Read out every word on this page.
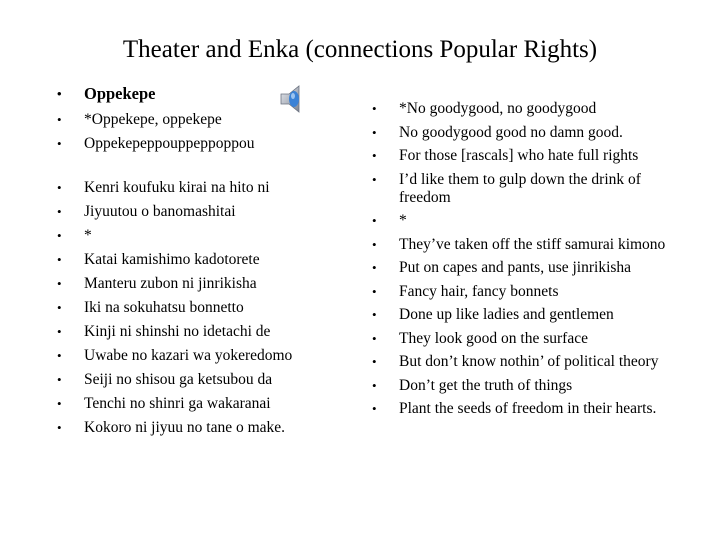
Theater and Enka (connections Popular Rights)
• Oppekepe
• *Oppekepe, oppekepe
• Oppekepeppouppeppoppou
• Kenri koufuku kirai na hito ni
• Jiyuutou o banomashitai
• *
• Katai kamishimo kadotorete
• Manteru zubon ni jinrikisha
• Iki na sokuhatsu bonnetto
• Kinji ni shinshi no idetachi de
• Uwabe no kazari wa yokeredomo
• Seiji no shisou ga ketsubou da
• Tenchi no shinri ga wakaranai
• Kokoro ni jiyuu no tane o make.
• *No goodygood, no goodygood
• No goodygood good no damn good.
• For those [rascals] who hate full rights
• I’d like them to gulp down the drink of freedom
• *
• They’ve taken off the stiff samurai kimono
• Put on capes and pants, use jinrikisha
• Fancy hair, fancy bonnets
• Done up like ladies and gentlemen
• They look good on the surface
• But don’t know nothin’ of political theory
• Don’t get the truth of things
• Plant the seeds of freedom in their hearts.
